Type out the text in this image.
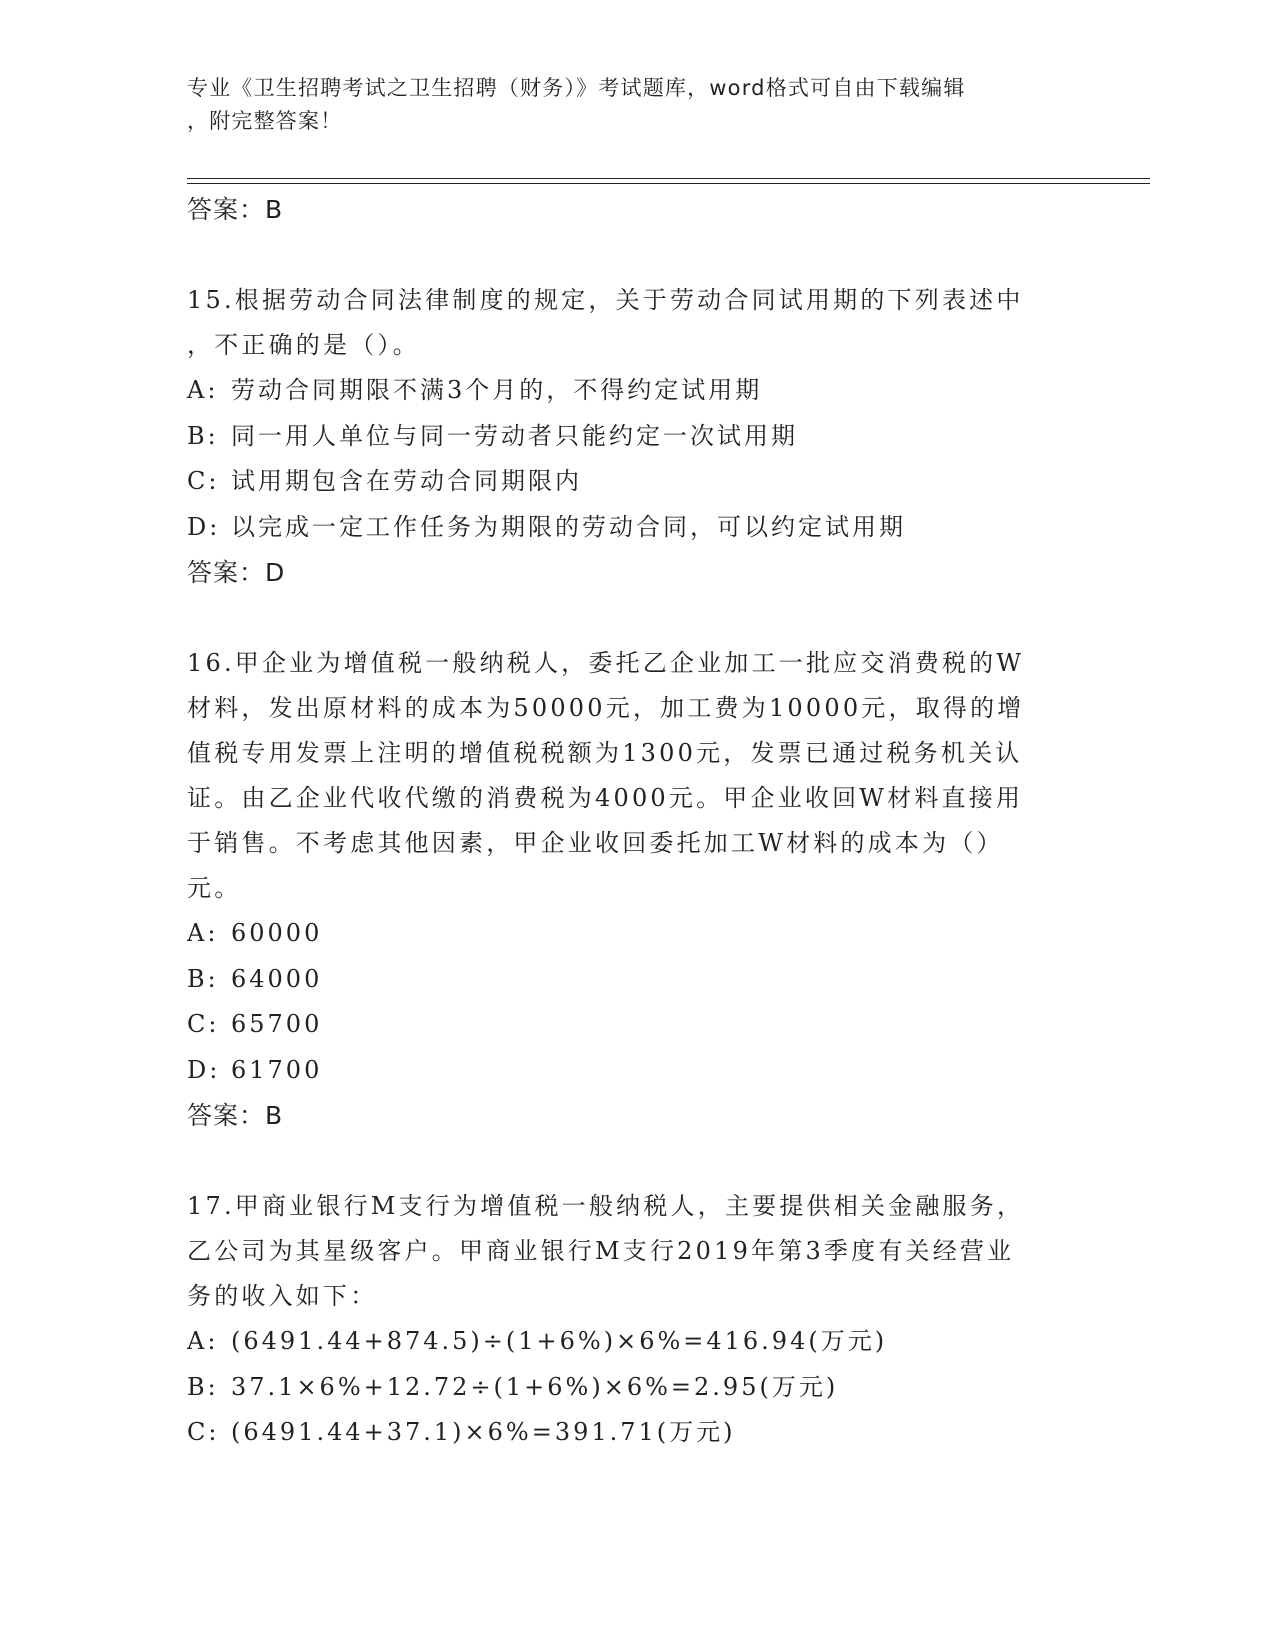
专业《卫生招聘考试之卫生招聘（财务）》考试题库，word格式可自由下载编辑
，附完整答案！
答案：B
15.根据劳动合同法律制度的规定，关于劳动合同试用期的下列表述中
，不正确的是（）。
A: 劳动合同期限不满3个月的，不得约定试用期
B: 同一用人单位与同一劳动者只能约定一次试用期
C: 试用期包含在劳动合同期限内
D: 以完成一定工作任务为期限的劳动合同，可以约定试用期
答案：D
16.甲企业为增值税一般纳税人，委托乙企业加工一批应交消费税的W
材料，发出原材料的成本为50000元，加工费为10000元，取得的增
值税专用发票上注明的增值税税额为1300元，发票已通过税务机关认
证。由乙企业代收代缴的消费税为4000元。甲企业收回W材料直接用
于销售。不考虑其他因素，甲企业收回委托加工W材料的成本为（）
元。
A: 60000
B: 64000
C: 65700
D: 61700
答案：B
17.甲商业银行M支行为增值税一般纳税人，主要提供相关金融服务，
乙公司为其星级客户。甲商业银行M支行2019年第3季度有关经营业
务的收入如下：
A: (6491.44+874.5)÷(1+6%)×6%=416.94(万元)
B: 37.1×6%+12.72÷(1+6%)×6%=2.95(万元)
C: (6491.44+37.1)×6%=391.71(万元)
